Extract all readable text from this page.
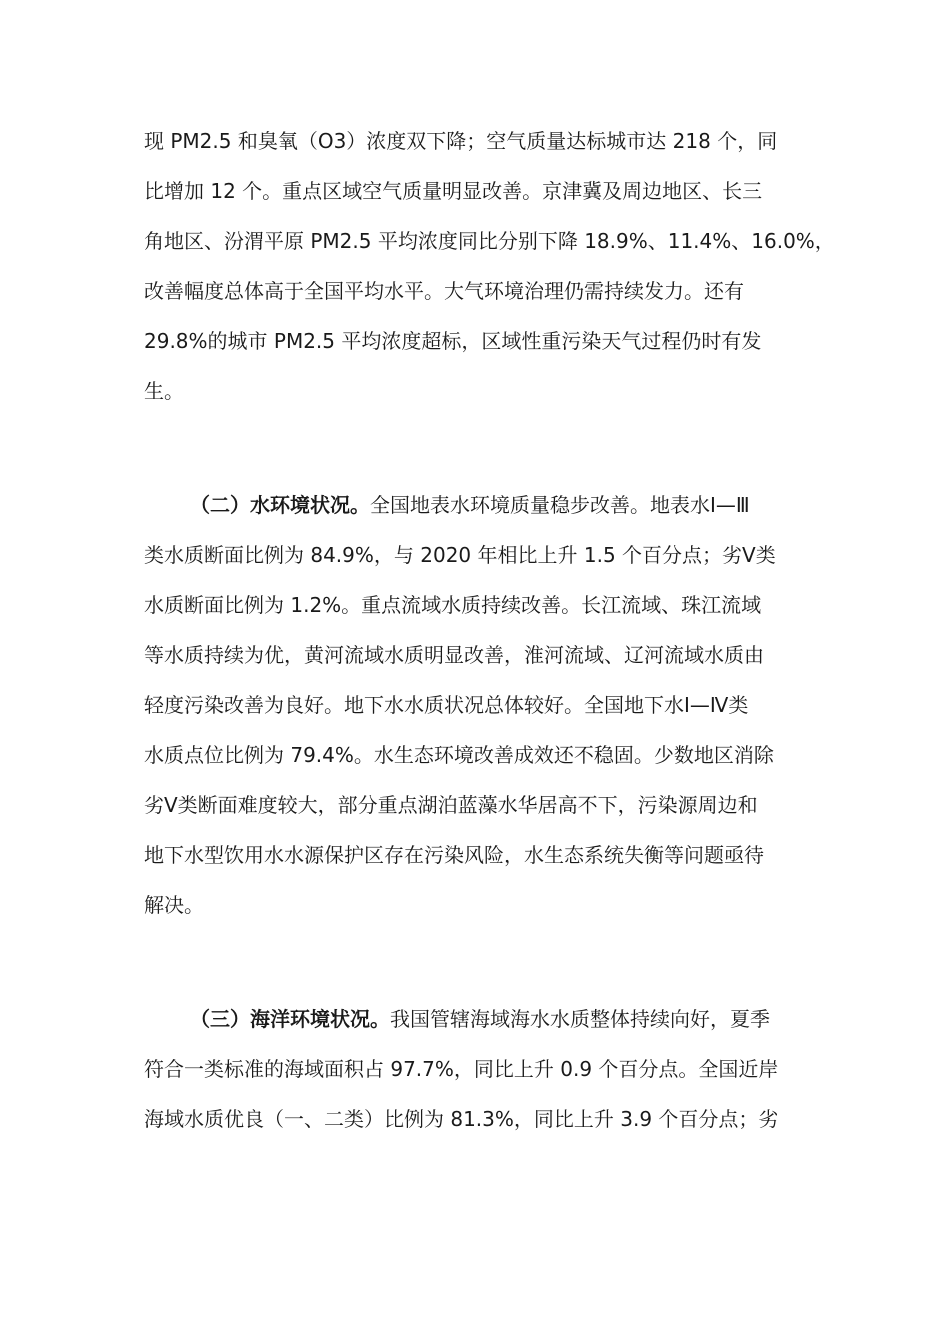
现 PM2.5 和臭氧（O3）浓度双下降；空气质量达标城市达 218 个，同

比增加 12 个。重点区域空气质量明显改善。京津冀及周边地区、长三

角地区、汾渭平原 PM2.5 平均浓度同比分别下降 18.9%、11.4%、16.0%，

改善幅度总体高于全国平均水平。大气环境治理仍需持续发力。还有

29.8%的城市 PM2.5 平均浓度超标，区域性重污染天气过程仍时有发

生。

（二）水环境状况。全国地表水环境质量稳步改善。地表水Ⅰ—Ⅲ

类水质断面比例为 84.9%，与 2020 年相比上升 1.5 个百分点；劣Ⅴ类

水质断面比例为 1.2%。重点流域水质持续改善。长江流域、珠江流域

等水质持续为优，黄河流域水质明显改善，淮河流域、辽河流域水质由

轻度污染改善为良好。地下水水质状况总体较好。全国地下水Ⅰ—Ⅳ类

水质点位比例为 79.4%。水生态环境改善成效还不稳固。少数地区消除

劣Ⅴ类断面难度较大，部分重点湖泊蓝藻水华居高不下，污染源周边和

地下水型饮用水水源保护区存在污染风险，水生态系统失衡等问题亟待

解决。

（三）海洋环境状况。我国管辖海域海水水质整体持续向好，夏季

符合一类标准的海域面积占 97.7%，同比上升 0.9 个百分点。全国近岸

海域水质优良（一、二类）比例为 81.3%，同比上升 3.9 个百分点；劣
